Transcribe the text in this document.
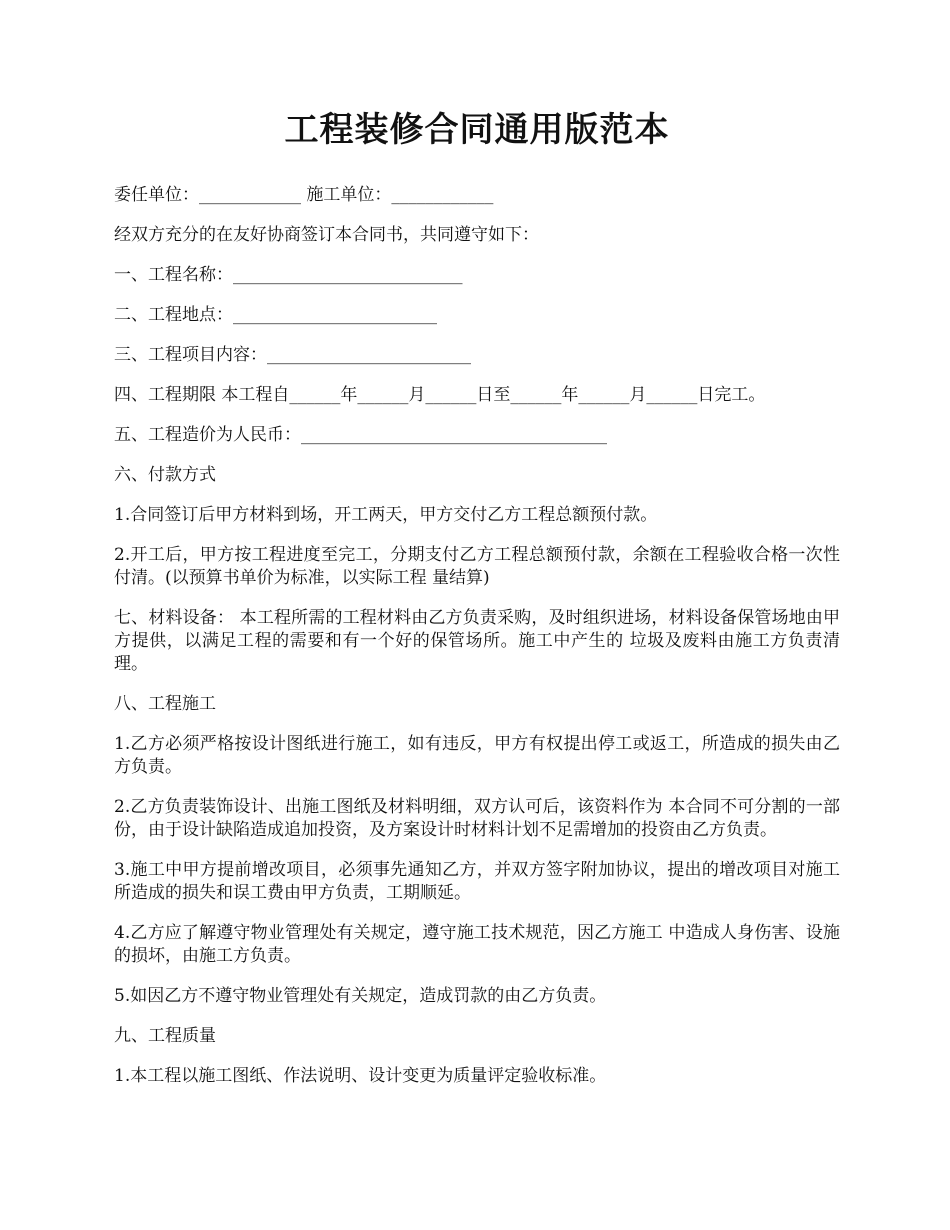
工程装修合同通用版范本

委任单位：____________ 施工单位：____________

经双方充分的在友好协商签订本合同书，共同遵守如下：

一、工程名称：___________________________

二、工程地点：________________________

三、工程项目内容：________________________

四、工程期限 本工程自______年______月______日至______年______月______日完工。

五、工程造价为人民币：____________________________________

六、付款方式

1.合同签订后甲方材料到场，开工两天，甲方交付乙方工程总额预付款。

2.开工后，甲方按工程进度至完工，分期支付乙方工程总额预付款，余额在工程验收合格一次性付清。(以预算书单价为标准，以实际工程 量结算)

七、材料设备： 本工程所需的工程材料由乙方负责采购，及时组织进场，材料设备保管场地由甲方提供，以满足工程的需要和有一个好的保管场所。施工中产生的 垃圾及废料由施工方负责清理。

八、工程施工

1.乙方必须严格按设计图纸进行施工，如有违反，甲方有权提出停工或返工，所造成的损失由乙方负责。

2.乙方负责装饰设计、出施工图纸及材料明细，双方认可后，该资料作为 本合同不可分割的一部份，由于设计缺陷造成追加投资，及方案设计时材料计划不足需增加的投资由乙方负责。

3.施工中甲方提前增改项目，必须事先通知乙方，并双方签字附加协议，提出的增改项目对施工所造成的损失和误工费由甲方负责，工期顺延。

4.乙方应了解遵守物业管理处有关规定，遵守施工技术规范，因乙方施工 中造成人身伤害、设施的损坏，由施工方负责。

5.如因乙方不遵守物业管理处有关规定，造成罚款的由乙方负责。

九、工程质量

1.本工程以施工图纸、作法说明、设计变更为质量评定验收标准。
